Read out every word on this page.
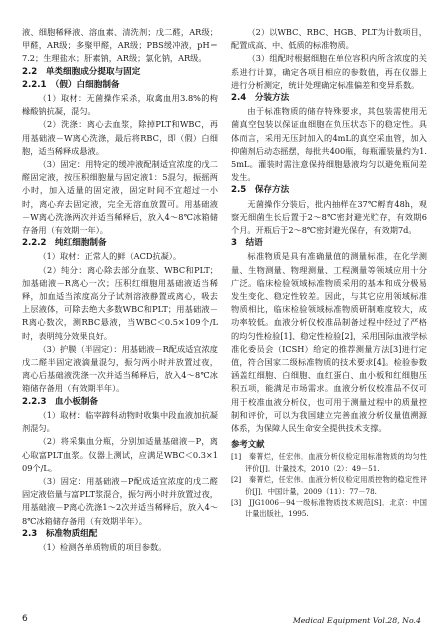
液、细胞稀释液、溶血素、清洗剂；戊二醛，AR级；甲醛，AR级；多聚甲醛，AR级；PBS缓冲液，pH＝7.2；生理盐水；肝素钠，AR级；氯化钠，AR级。
2.2　单类细胞成分提取与固定
2.2.1　（假）白细胞制备
（1）取材：无菌操作采杀，取禽血用3.8%的枸橼酸钠抗凝，混匀。
（2）洗涤：离心去血浆，除掉PLT和WBC，再用基础液－W离心洗涤，最后将RBC，即（假）白细胞，适当稀释成悬液。
（3）固定：用特定的缓冲液配制适宜浓度的戊二醛固定液，按压积细胞量与固定液1：5混匀，振摇两小时，加入适量的固定液，固定时间不宜超过一小时，离心弃去固定液，完全无溶血放置可。用基础液－W离心洗涤两次并适当稀释后，放入4～8℃冰箱储存备用（有效期一年）。
2.2.2　纯红细胞制备
（1）取材：正常人的鲜（ACD抗凝）。
（2）纯分：离心除去部分血浆、WBC和PLT；加基础液－R离心一次；压积红细胞用基础液适当稀释，加血适当浓度高分子试剂溶液静置或离心，吸去上层液体，可除去绝大多数WBC和PLT；用基础液－R离心数次，测RBC悬液，当WBC＜0.5×109个/L时，表明纯分效果良好。
（3）护膜（半固定）：用基础液－R配成适宜浓度戊二醛半固定液滴量混匀，振匀两小时并放置过夜，离心后基础液洗涤一次并适当稀释后，放入4～8℃冰箱储存备用（有效期半年）。
2.2.3　血小板制备
（1）取材：临宰蹄科动物时收集中段血液加抗凝剂混匀。
（2）将采集血分瓶，分别加适量基础液－P，离心取富PLT血浆。仪器上测试，应满足WBC＜0.3×109个/L。
（3）固定：用基础液－P配成适宜浓度的戊二醛固定液倍量与富PLT浆混合，振匀两小时并放置过夜，用基础液－P离心洗涤1～2次并适当稀释后，放入4～8℃冰箱储存备用（有效期半年）。
2.3　标准物质组配
（1）检测各单质物质的项目参数。
（2）以WBC、RBC、HGB、PLT为计数项目，配置成高、中、低质的标准物质。
（3）组配时根据细胞在单位容积内所含浓度的关系进行计算，确定各项目相应的参数值，再在仪器上进行分析测定，统计处理确定标准偏差和变异系数。
2.4　分装方法
由于标准物质的储存特殊要求，其包装需使用无菌真空包装以保证血细胞在负压状态下的稳定性。具体而言，采用无压封加入的4mL的真空采血管，加入抑菌剂后动态摇摆，每批共400瓶，每瓶灌装量约为1.5mL。灌装时需注意保持细胞悬液均匀以避免瓶间差发生。
2.5　保存方法
无菌操作分装后，批内抽样在37℃孵育48h，观察无细菌生长后置于2～8℃密封避光贮存，有效期6个月。开瓶后于2～8℃密封避光保存，有效期7d。
3　结语
标准物质是具有准确量值的测量标准，在化学测量、生物测量、物理测量、工程测量等领域应用十分广泛。临床检验领域标准物质采用的基本和成分极易发生变化、稳定性较差。因此，与其它应用领域标准物质相比，临床检验领域标准物质研制难度较大，成功率较低。血液分析仪校准品制备过程中经过了严格的均匀性检验[1]、稳定性检验[2]，采用国际血液学标准化委员会（ICSH）给定的推荐测量方法[3]进行定值，符合国家二级标准物质的技术要求[4]。检验参数涵盖红细胞、白细胞、血红蛋白、血小板和红细胞压积五项，能满足市场需求。血液分析仪校准品不仅可用于校准血液分析仪，也可用于测量过程中的质量控制和评价，可以为我国建立完善血液分析仪量值溯源体系，为保障人民生命安全提供技术支撑。
参考文献
[1]　秦菁烂，任宏伟．血液分析仪检定用标准物质的均匀性评价[J]．计量技术，2010（2）：49－51.
[2]　秦菁烂，任宏伟．血液分析仪检定用质控物的稳定性评价[J]．中国计量，2009（11）：77－78.
[3]　JJG1006－94一级标准物质技术规范[S]．北京：中国计量出版社，1995.
6	Medical Equipment Vol.28, No.4
